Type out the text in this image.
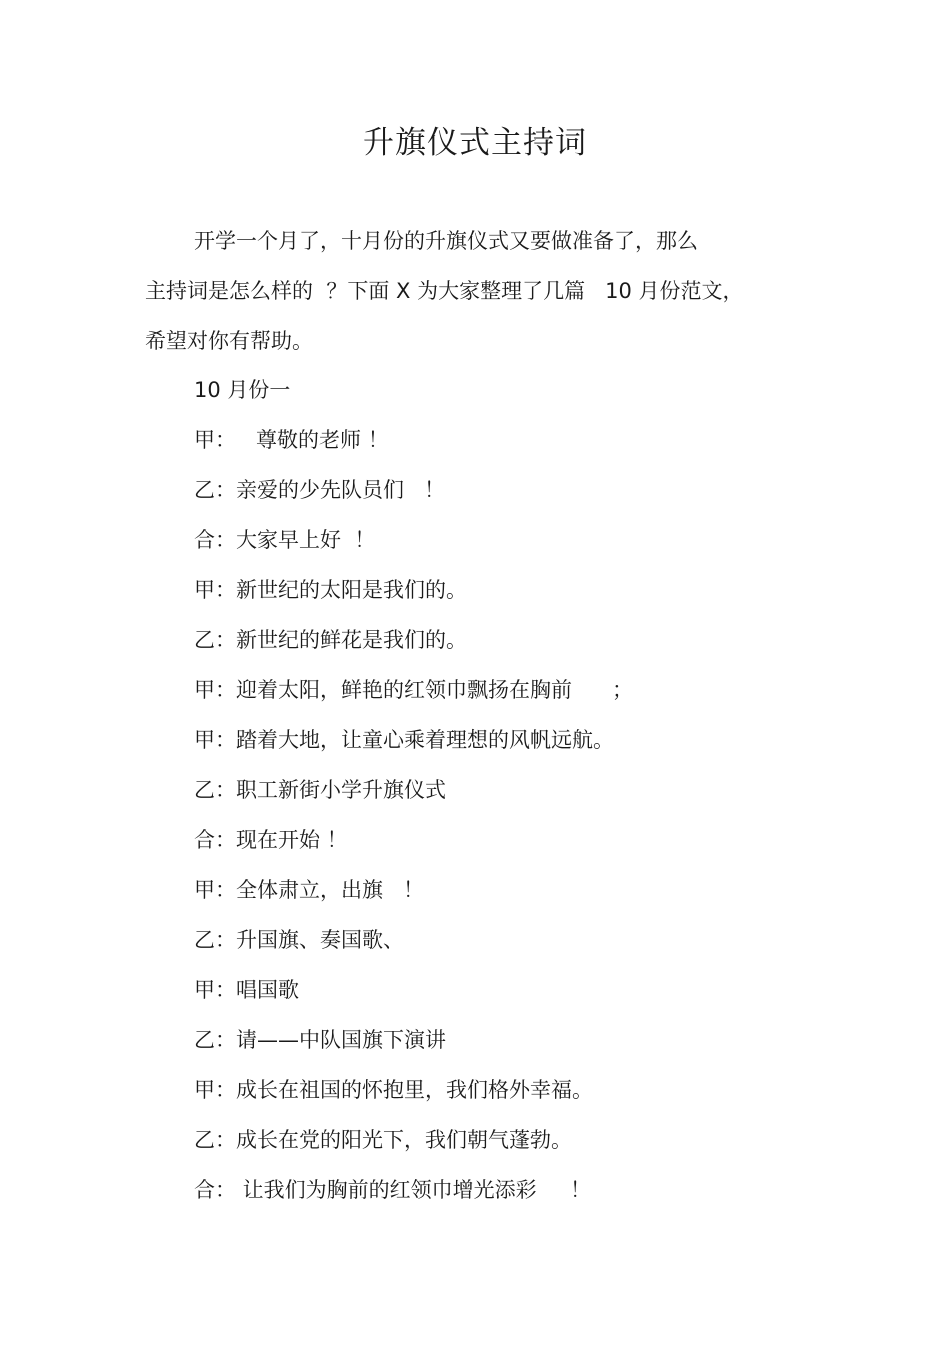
升旗仪式主持词
开学一个月了，十月份的升旗仪式又要做准备了，那么
主持词是怎么样的  ？下面 X 为大家整理了几篇   10 月份范文，
希望对你有帮助。
10 月份一
甲：   尊敬的老师 ！
乙：亲爱的少先队员们   ！
合：大家早上好  ！
甲：新世纪的太阳是我们的。
乙：新世纪的鲜花是我们的。
甲：迎着太阳，鲜艳的红领巾飘扬在胸前      ；
甲：踏着大地，让童心乘着理想的风帆远航。
乙：职工新街小学升旗仪式
合：现在开始 ！
甲：全体肃立，出旗   ！
乙：升国旗、奏国歌、
甲：唱国歌
乙：请——中队国旗下演讲
甲：成长在祖国的怀抱里，我们格外幸福。
乙：成长在党的阳光下，我们朝气蓬勃。
合： 让我们为胸前的红领巾增光添彩     ！
